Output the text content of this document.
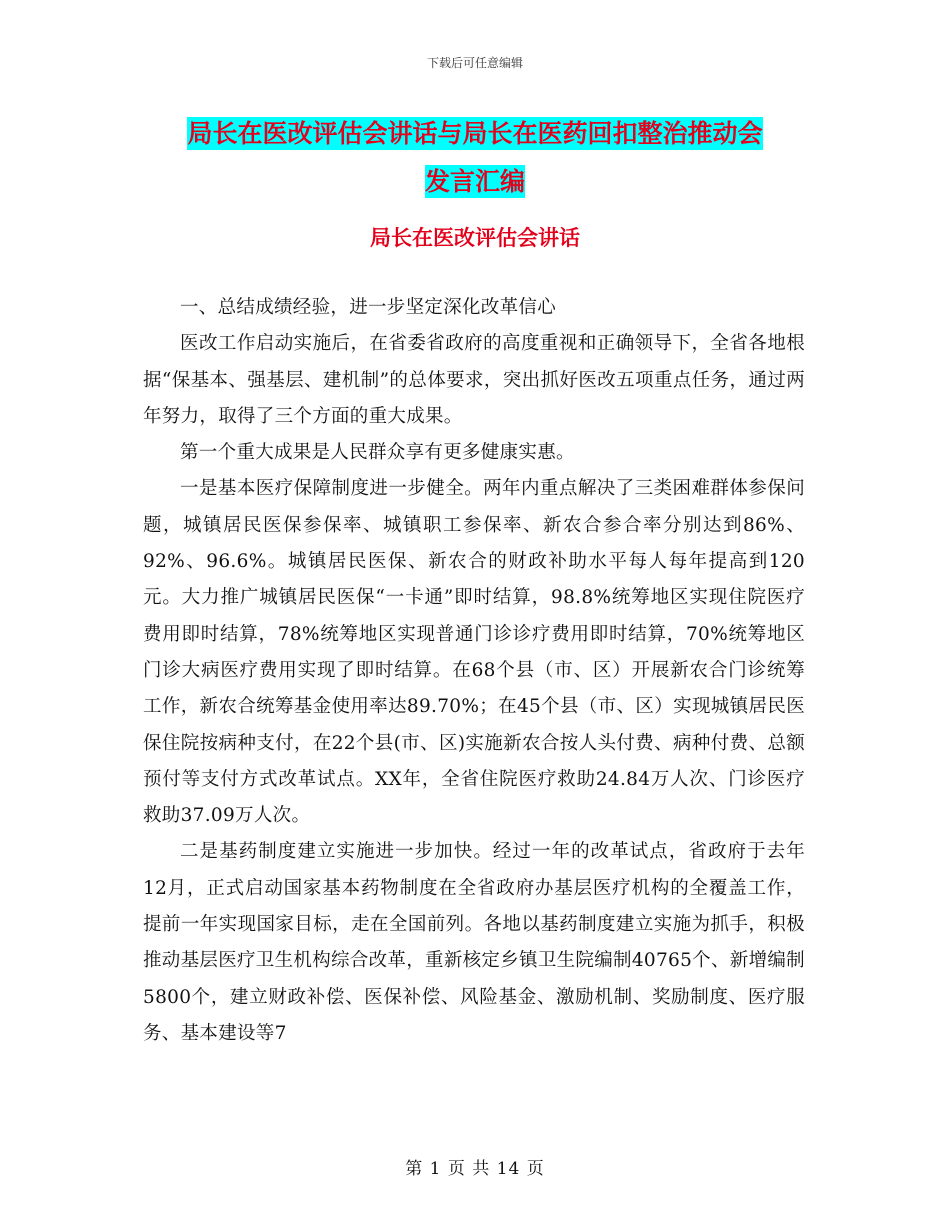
下载后可任意编辑
局长在医改评估会讲话与局长在医药回扣整治推动会
发言汇编
局长在医改评估会讲话

一、总结成绩经验，进一步坚定深化改革信心

医改工作启动实施后，在省委省政府的高度重视和正确领导下，全省各地根据“保基本、强基层、建机制”的总体要求，突出抓好医改五项重点任务，通过两年努力，取得了三个方面的重大成果。

第一个重大成果是人民群众享有更多健康实惠。

一是基本医疗保障制度进一步健全。两年内重点解决了三类困难群体参保问题，城镇居民医保参保率、城镇职工参保率、新农合参合率分别达到86%、92%、96.6%。城镇居民医保、新农合的财政补助水平每人每年提高到120元。大力推广城镇居民医保“一卡通”即时结算，98.8%统筹地区实现住院医疗费用即时结算，78%统筹地区实现普通门诊诊疗费用即时结算，70%统筹地区门诊大病医疗费用实现了即时结算。在68个县（市、区）开展新农合门诊统筹工作，新农合统筹基金使用率达89.70%；在45个县（市、区）实现城镇居民医保住院按病种支付，在22个县(市、区)实施新农合按人头付费、病种付费、总额预付等支付方式改革试点。XX年，全省住院医疗救助24.84万人次、门诊医疗救助37.09万人次。

二是基药制度建立实施进一步加快。经过一年的改革试点，省政府于去年12月，正式启动国家基本药物制度在全省政府办基层医疗机构的全覆盖工作，提前一年实现国家目标，走在全国前列。各地以基药制度建立实施为抓手，积极推动基层医疗卫生机构综合改革，重新核定乡镇卫生院编制40765个、新增编制5800个，建立财政补偿、医保补偿、风险基金、激励机制、奖励制度、医疗服务、基本建设等7

第 1 页 共 14 页
